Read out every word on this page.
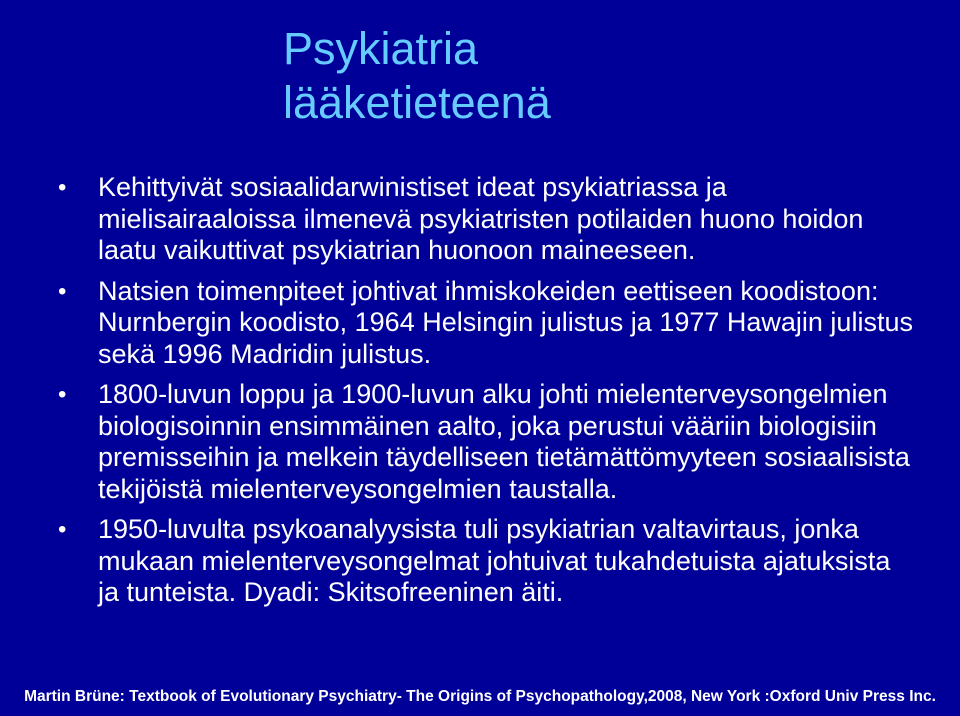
Psykiatria
lääketieteenä
•	Kehittyivät sosiaalidarwinistiset ideat psykiatriassa ja mielisairaaloissa ilmenevä psykiatristen potilaiden huono hoidon laatu vaikuttivat psykiatrian huonoon maineeseen.
•	Natsien toimenpiteet johtivat ihmiskokeiden eettiseen koodistoon: Nurnbergin koodisto, 1964 Helsingin julistus ja 1977 Hawajin julistus sekä 1996 Madridin julistus.
•	1800-luvun loppu ja 1900-luvun alku johti mielenterveysongelmien biologisoinnin ensimmäinen aalto, joka perustui vääriin biologisiin premisseihin ja melkein täydelliseen tietämättömyyteen sosiaalisista tekijöistä mielenterveysongelmien taustalla.
•	1950-luvulta psykoanalyysista tuli psykiatrian valtavirtaus, jonka mukaan mielenterveysongelmat johtuivat tukahdetuista ajatuksista ja tunteista. Dyadi: Skitsofreeninen äiti.
Martin Brüne: Textbook of Evolutionary Psychiatry- The Origins of Psychopathology,2008, New York :Oxford Univ Press Inc.
